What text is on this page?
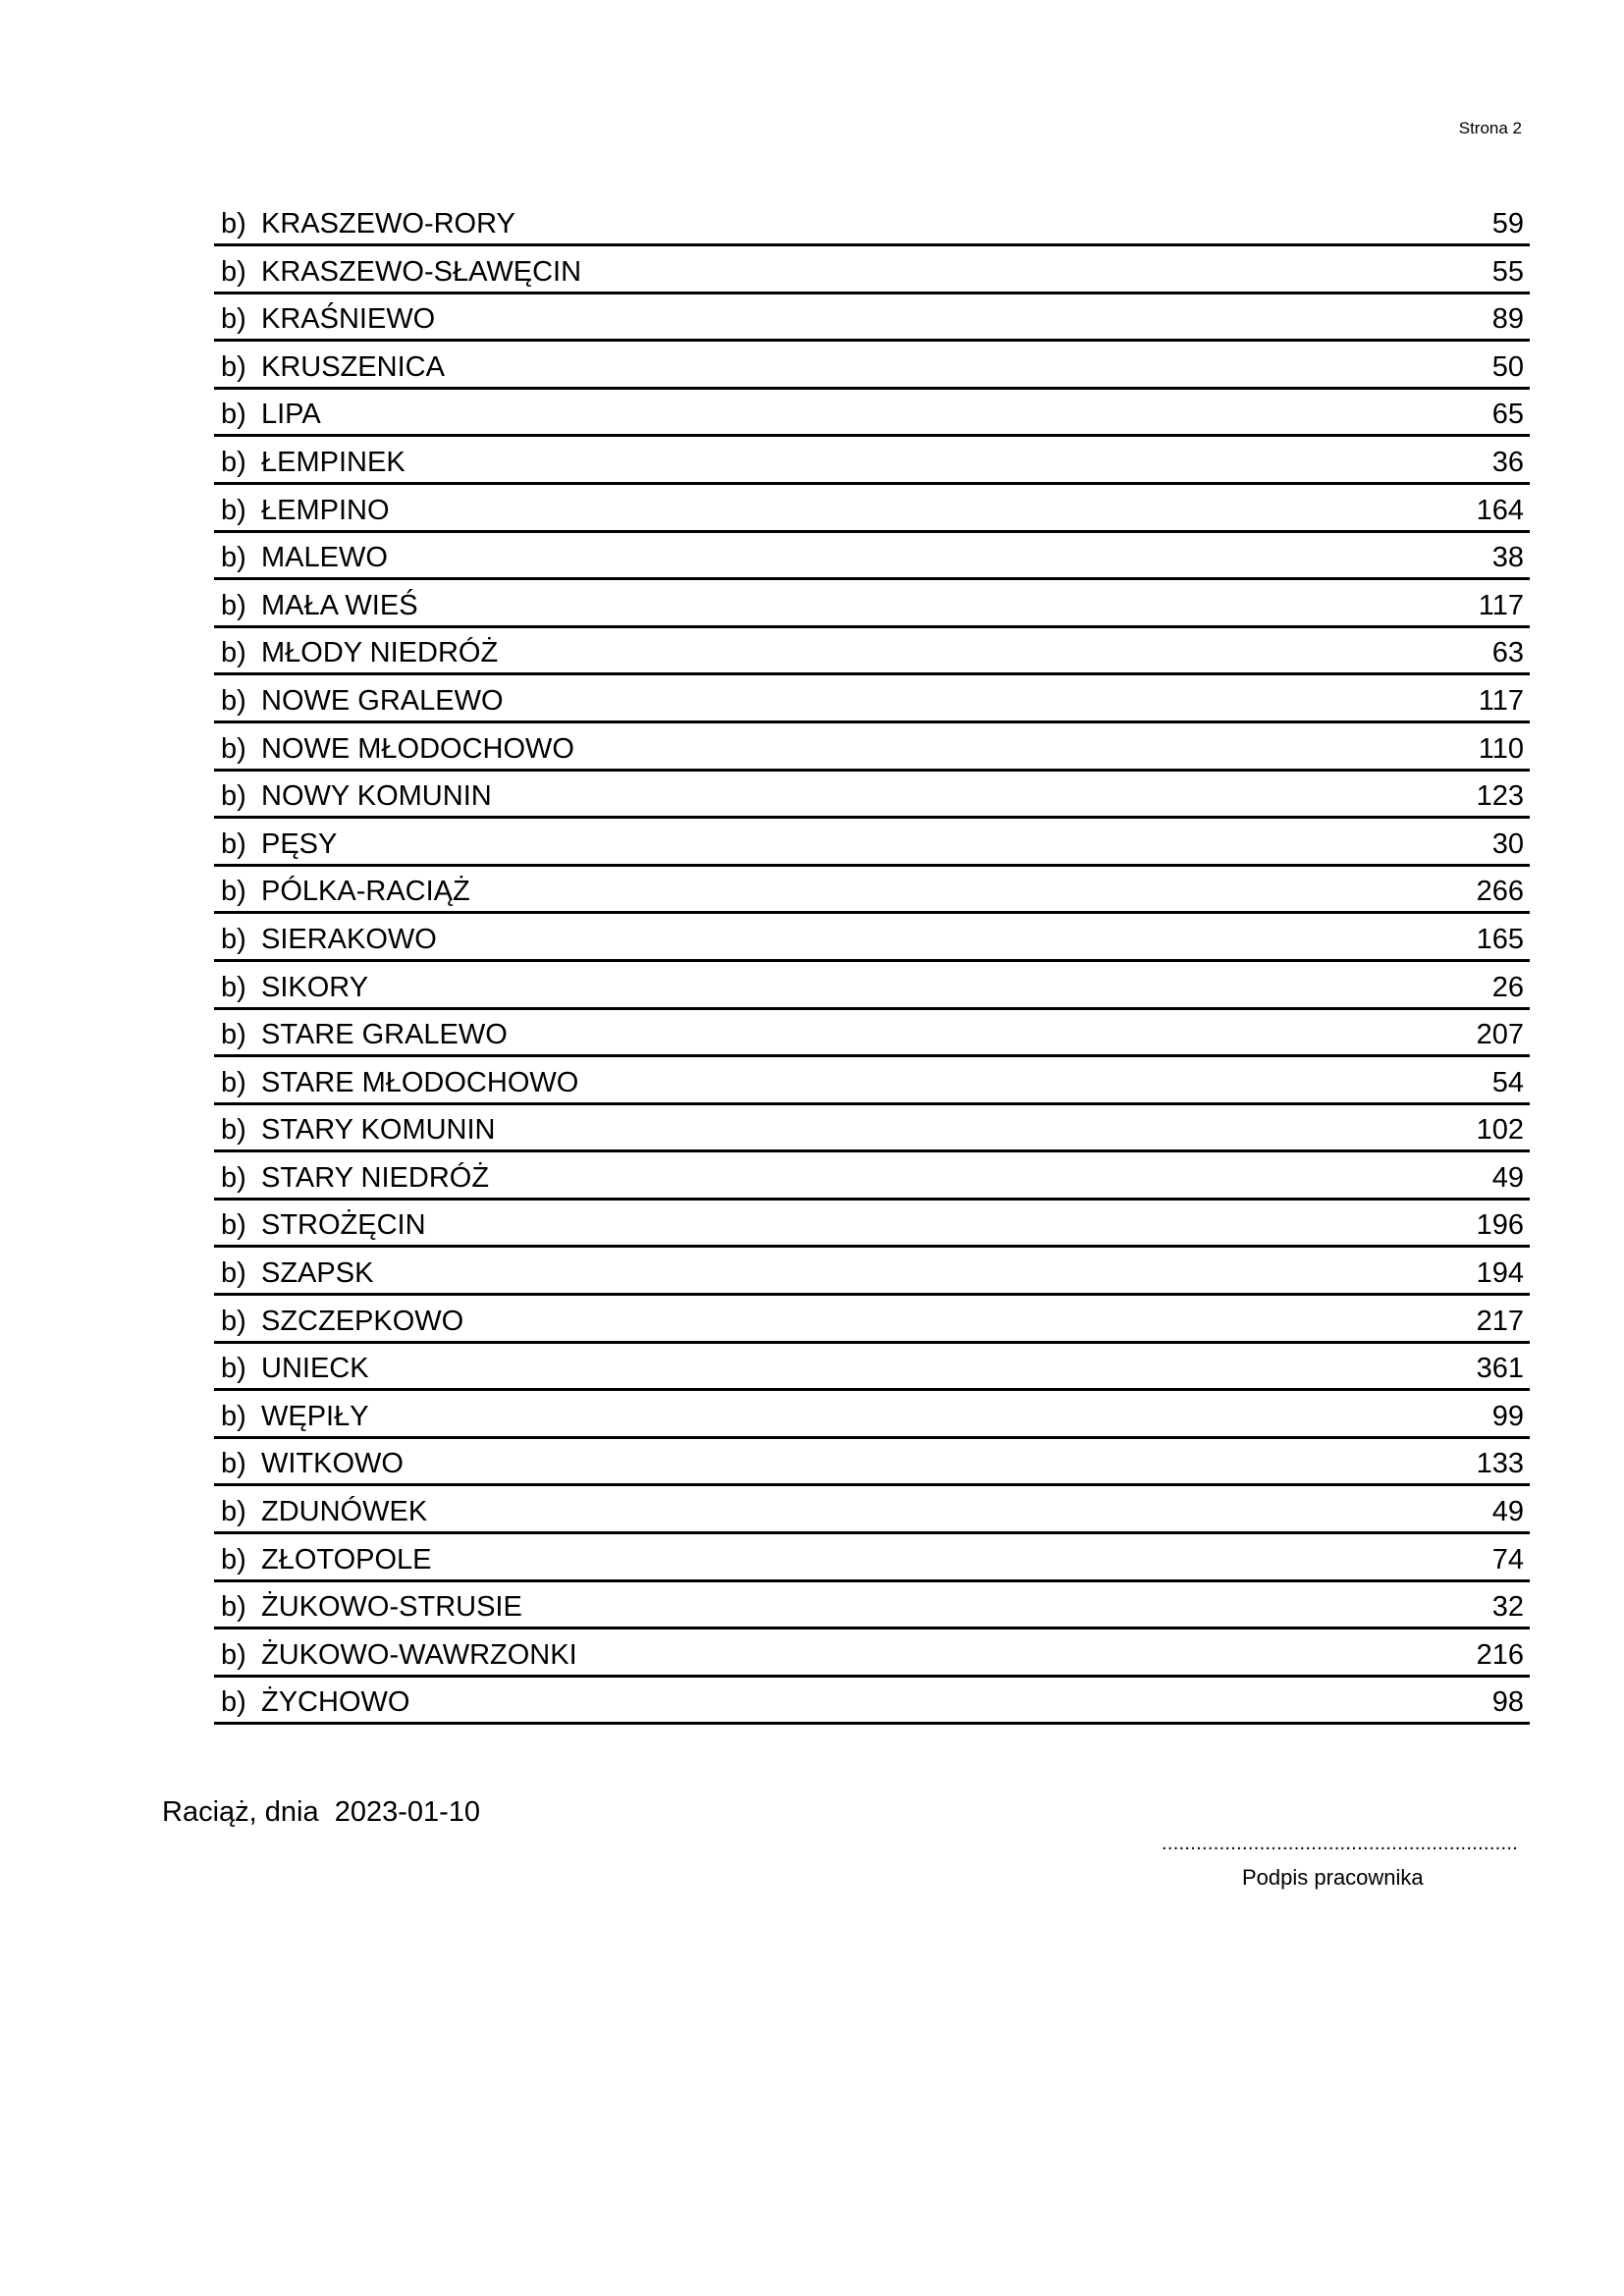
Strona 2
b) KRASZEWO-RORY	59
b) KRASZEWO-SŁAWĘCIN	55
b) KRAŚNIEWO	89
b) KRUSZENICA	50
b) LIPA	65
b) ŁEMPINEK	36
b) ŁEMPINO	164
b) MALEWO	38
b) MAŁA WIEŚ	117
b) MŁODY NIEDRÓŻ	63
b) NOWE GRALEWO	117
b) NOWE MŁODOCHOWO	110
b) NOWY KOMUNIN	123
b) PĘSY	30
b) PÓLKA-RACIĄŻ	266
b) SIERAKOWO	165
b) SIKORY	26
b) STARE GRALEWO	207
b) STARE MŁODOCHOWO	54
b) STARY KOMUNIN	102
b) STARY NIEDRÓŻ	49
b) STROŻĘCIN	196
b) SZAPSK	194
b) SZCZEPKOWO	217
b) UNIECK	361
b) WĘPIŁY	99
b) WITKOWO	133
b) ZDUNÓWEK	49
b) ZŁOTOPOLE	74
b) ŻUKOWO-STRUSIE	32
b) ŻUKOWO-WAWRZONKI	216
b) ŻYCHOWO	98
Raciąż, dnia  2023-01-10
..............................................................
Podpis pracownika
